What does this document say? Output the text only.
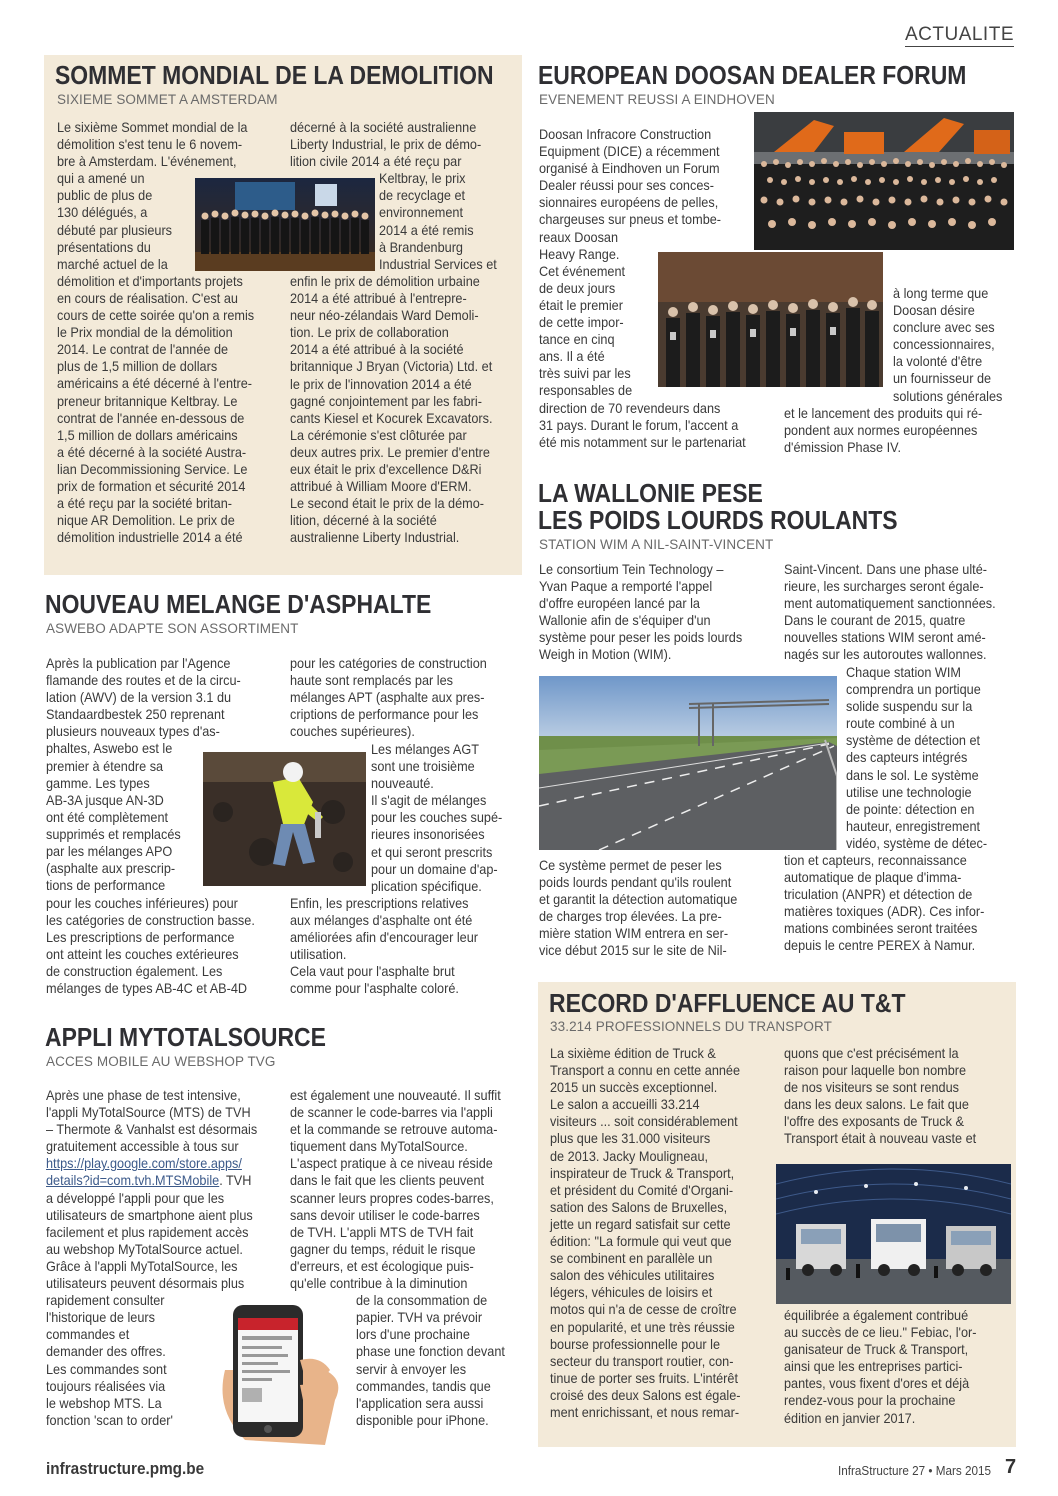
ACTUALITE
SOMMET MONDIAL DE LA DEMOLITION
SIXIEME SOMMET A AMSTERDAM
Le sixième Sommet mondial de la
démolition s'est tenu le 6 novem-
bre à Amsterdam. L'événement,
qui a amené un
public de plus de
130 délégués, a
débuté par plusieurs
présentations du
marché actuel de la
démolition et d'importants projets
en cours de réalisation. C'est au
cours de cette soirée qu'on a remis
le Prix mondial de la démolition
2014. Le contrat de l'année de
plus de 1,5 million de dollars
américains a été décerné à l'entre-
preneur britannique Keltbray. Le
contrat de l'année en-dessous de
1,5 million de dollars américains
a été décerné à la société Austra-
lian Decommissioning Service. Le
prix de formation et sécurité 2014
a été reçu par la société britan-
nique AR Demolition. Le prix de
démolition industrielle 2014 a été
décerné à la société australienne
Liberty Industrial, le prix de démo-
lition civile 2014 a été reçu par
Keltbray, le prix
de recyclage et
environnement
2014 a été remis
à Brandenburg
Industrial Services et
enfin le prix de démolition urbaine
2014 a été attribué à l'entrepre-
neur néo-zélandais Ward Demoli-
tion. Le prix de collaboration
2014 a été attribué à la société
britannique J Bryan (Victoria) Ltd. et
le prix de l'innovation 2014 a été
gagné conjointement par les fabri-
cants Kiesel et Kocurek Excavators.
La cérémonie s'est clôturée par
deux autres prix. Le premier d'entre
eux était le prix d'excellence D&Ri
attribué à William Moore d'ERM.
Le second était le prix de la démo-
lition, décerné à la société
australienne Liberty Industrial.
NOUVEAU MELANGE D'ASPHALTE
ASWEBO ADAPTE SON ASSORTIMENT
Après la publication par l'Agence
flamande des routes et de la circu-
lation (AWV) de la version 3.1 du
Standaardbestek 250 reprenant
plusieurs nouveaux types d'as-
phaltes, Aswebo est le
premier à étendre sa
gamme. Les types
AB-3A jusque AN-3D
ont été complètement
supprimés et remplacés
par les mélanges APO
(asphalte aux prescrip-
tions de performance
pour les couches inférieures) pour
les catégories de construction basse.
Les prescriptions de performance
ont atteint les couches extérieures
de construction également. Les
mélanges de types AB-4C et AB-4D
pour les catégories de construction
haute sont remplacés par les
mélanges APT (asphalte aux pres-
criptions de performance pour les
couches supérieures).
Les mélanges AGT
sont une troisième
nouveauté.
Il s'agit de mélanges
pour les couches supé-
rieures insonorisées
et qui seront prescrits
pour un domaine d'ap-
plication spécifique.
Enfin, les prescriptions relatives
aux mélanges d'asphalte ont été
améliorées afin d'encourager leur
utilisation.
Cela vaut pour l'asphalte brut
comme pour l'asphalte coloré.
APPLI MYTOTALSOURCE
ACCES MOBILE AU WEBSHOP TVG
Après une phase de test intensive,
l'appli MyTotalSource (MTS) de TVH
– Thermote & Vanhalst est désormais
gratuitement accessible à tous sur
https://play.google.com/store.apps/
details?id=com.tvh.MTSMobile. TVH
a développé l'appli pour que les
utilisateurs de smartphone aient plus
facilement et plus rapidement accès
au webshop MyTotalSource actuel.
Grâce à l'appli MyTotalSource, les
utilisateurs peuvent désormais plus
rapidement consulter
l'historique de leurs
commandes et
demander des offres.
Les commandes sont
toujours réalisées via
le webshop MTS. La
fonction 'scan to order'
est également une nouveauté. Il suffit
de scanner le code-barres via l'appli
et la commande se retrouve automa-
tiquement dans MyTotalSource.
L'aspect pratique à ce niveau réside
dans le fait que les clients peuvent
scanner leurs propres codes-barres,
sans devoir utiliser le code-barres
de TVH. L'appli MTS de TVH fait
gagner du temps, réduit le risque
d'erreurs, et est écologique puis-
qu'elle contribue à la diminution
de la consommation de
papier. TVH va prévoir
lors d'une prochaine
phase une fonction devant
servir à envoyer les
commandes, tandis que
l'application sera aussi
disponible pour iPhone.
EUROPEAN DOOSAN DEALER FORUM
EVENEMENT REUSSI A EINDHOVEN
Doosan Infracore Construction
Equipment (DICE) a récemment
organisé à Eindhoven un Forum
Dealer réussi pour ses conces-
sionnaires européens de pelles,
chargeuses sur pneus et tombe-
reaux Doosan
Heavy Range.
Cet événement
de deux jours
était le premier
de cette impor-
tance en cinq
ans. Il a été
très suivi par les
responsables de
direction de 70 revendeurs dans
31 pays. Durant le forum, l'accent a
été mis notamment sur le partenariat
à long terme que
Doosan désire
conclure avec ses
concessionnaires,
la volonté d'être
un fournisseur de
solutions générales
et le lancement des produits qui ré-
pondent aux normes européennes
d'émission Phase IV.
LA WALLONIE PESE
LES POIDS LOURDS ROULANTS
STATION WIM A NIL-SAINT-VINCENT
Le consortium Tein Technology –
Yvan Paque a remporté l'appel
d'offre européen lancé par la
Wallonie afin de s'équiper d'un
système pour peser les poids lourds
Weigh in Motion (WIM).
Ce système permet de peser les
poids lourds pendant qu'ils roulent
et garantit la détection automatique
de charges trop élevées. La pre-
mière station WIM entrera en ser-
vice début 2015 sur le site de Nil-
Saint-Vincent. Dans une phase ulté-
rieure, les surcharges seront égale-
ment automatiquement sanctionnées.
Dans le courant de 2015, quatre
nouvelles stations WIM seront amé-
nagés sur les autoroutes wallonnes.
Chaque station WIM
comprendra un portique
solide suspendu sur la
route combiné à un
système de détection et
des capteurs intégrés
dans le sol. Le système
utilise une technologie
de pointe: détection en
hauteur, enregistrement
vidéo, système de détec-
tion et capteurs, reconnaissance
automatique de plaque d'imma-
triculation (ANPR) et détection de
matières toxiques (ADR). Ces infor-
mations combinées seront traitées
depuis le centre PEREX à Namur.
RECORD D'AFFLUENCE AU T&T
33.214 PROFESSIONNELS DU TRANSPORT
La sixième édition de Truck &
Transport a connu en cette année
2015 un succès exceptionnel.
Le salon a accueilli 33.214
visiteurs ... soit considérablement
plus que les 31.000 visiteurs
de 2013. Jacky Mouligneau,
inspirateur de Truck & Transport,
et président du Comité d'Organi-
sation des Salons de Bruxelles,
jette un regard satisfait sur cette
édition: "La formule qui veut que
se combinent en parallèle un
salon des véhicules utilitaires
légers, véhicules de loisirs et
motos qui n'a de cesse de croître
en popularité, et une très réussie
bourse professionnelle pour le
secteur du transport routier, con-
tinue de porter ses fruits. L'intérêt
croisé des deux Salons est égale-
ment enrichissant, et nous remar-
quons que c'est précisément la
raison pour laquelle bon nombre
de nos visiteurs se sont rendus
dans les deux salons. Le fait que
l'offre des exposants de Truck &
Transport était à nouveau vaste et
équilibrée a également contribué
au succès de ce lieu." Febiac, l'or-
ganisateur de Truck & Transport,
ainsi que les entreprises partici-
pantes, vous fixent d'ores et déjà
rendez-vous pour la prochaine
édition en janvier 2017.
infrastructure.pmg.be	InfraStructure 27 • Mars 2015 7
